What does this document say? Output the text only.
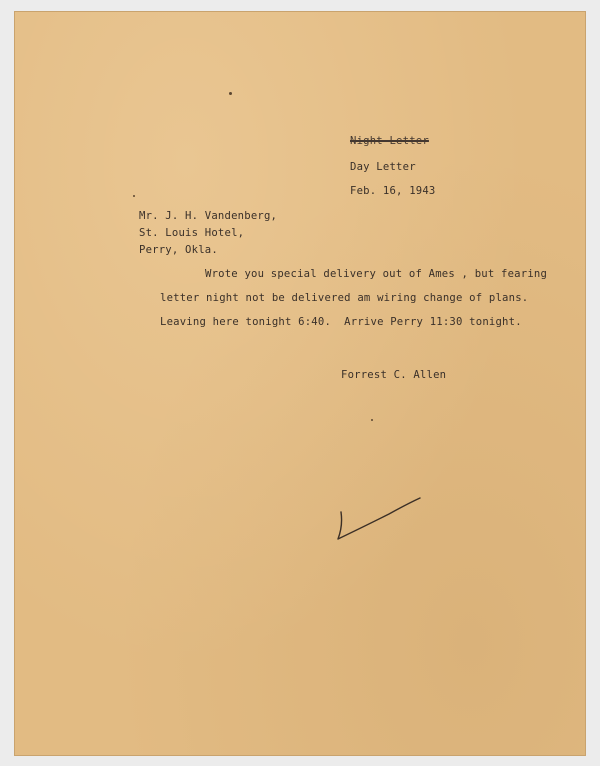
Night Letter
Day Letter
Feb. 16, 1943
Mr. J. H. Vandenberg,
St. Louis Hotel,
Perry, Okla.
Wrote you special delivery out of Ames , but fearing
letter night not be delivered am wiring change of plans.
Leaving here tonight 6:40.  Arrive Perry 11:30 tonight.
Forrest C. Allen
